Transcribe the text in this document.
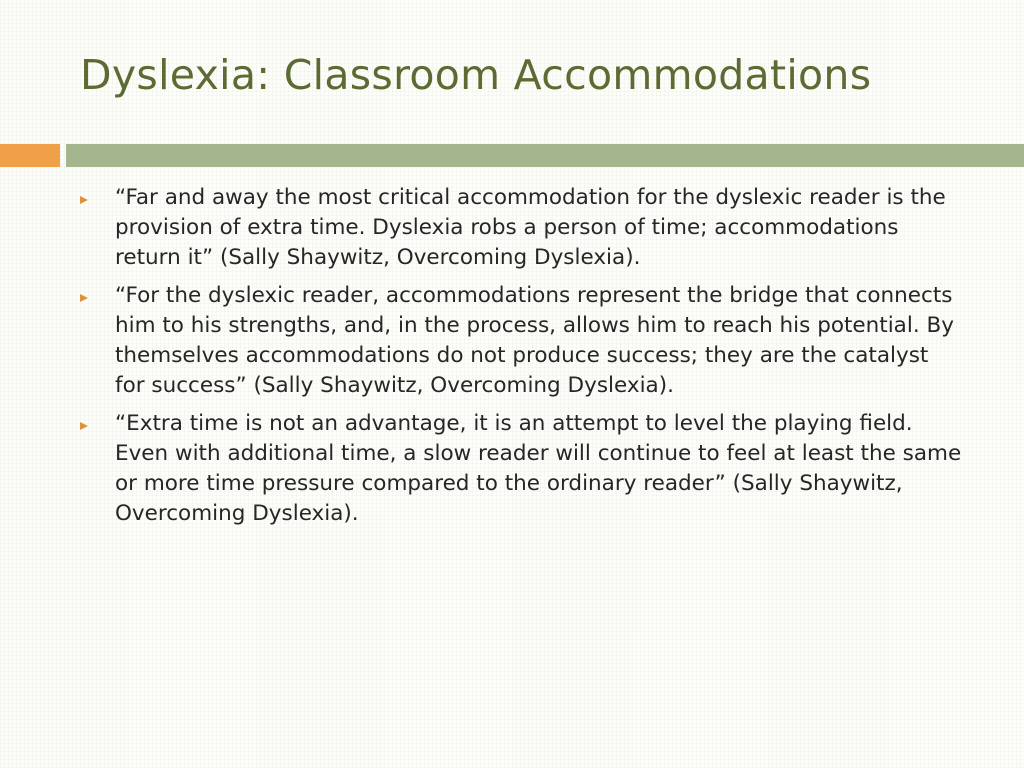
Dyslexia: Classroom Accommodations
“Far and away the most critical accommodation for the dyslexic reader is the provision of extra time. Dyslexia robs a person of time; accommodations return it” (Sally Shaywitz, Overcoming Dyslexia).
“For the dyslexic reader, accommodations represent the bridge that connects him to his strengths, and, in the process, allows him to reach his potential. By themselves accommodations do not produce success; they are the catalyst for success” (Sally Shaywitz, Overcoming Dyslexia).
“Extra time is not an advantage, it is an attempt to level the playing field. Even with additional time, a slow reader will continue to feel at least the same or more time pressure compared to the ordinary reader” (Sally Shaywitz, Overcoming Dyslexia).
